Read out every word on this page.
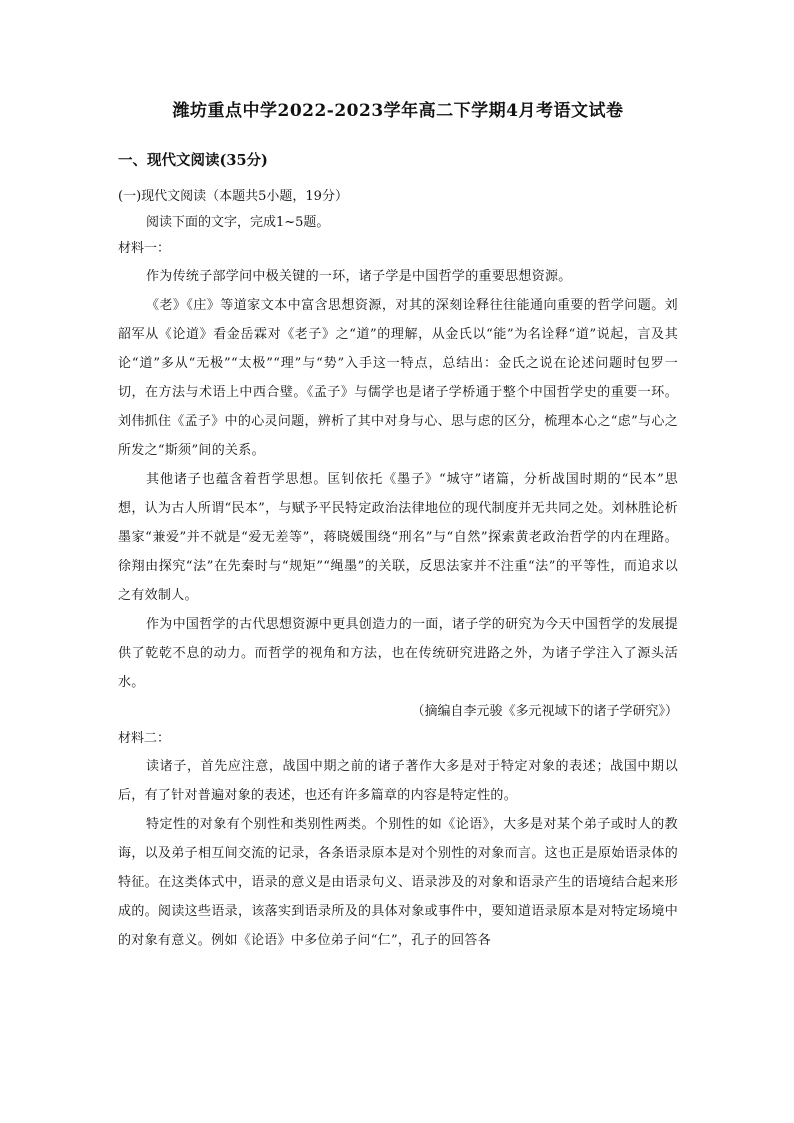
潍坊重点中学2022-2023学年高二下学期4月考语文试卷

一、现代文阅读(35分)

(一)现代文阅读（本题共5小题，19分）

阅读下面的文字，完成1~5题。

材料一：

作为传统子部学问中极关键的一环，诸子学是中国哲学的重要思想资源。

《老》《庄》等道家文本中富含思想资源，对其的深刻诠释往往能通向重要的哲学问题。刘韶军从《论道》看金岳霖对《老子》之“道”的理解，从金氏以“能”为名诠释“道”说起，言及其论“道”多从“无极”“太极”“理”与“势”入手这一特点，总结出：金氏之说在论述问题时包罗一切，在方法与术语上中西合璧。《孟子》与儒学也是诸子学桥通于整个中国哲学史的重要一环。刘伟抓住《孟子》中的心灵问题，辨析了其中对身与心、思与虑的区分，梳理本心之“虑”与心之所发之“斯须”间的关系。

其他诸子也蕴含着哲学思想。匡钊依托《墨子》“城守”诸篇，分析战国时期的“民本”思想，认为古人所谓“民本”，与赋予平民特定政治法律地位的现代制度并无共同之处。刘林胜论析墨家“兼爱”并不就是“爱无差等”，蒋晓媛围绕“刑名”与“自然”探索黄老政治哲学的内在理路。徐翔由探究“法”在先秦时与“规矩”“绳墨”的关联，反思法家并不注重“法”的平等性，而追求以之有效制人。

作为中国哲学的古代思想资源中更具创造力的一面，诸子学的研究为今天中国哲学的发展提供了乾乾不息的动力。而哲学的视角和方法，也在传统研究进路之外，为诸子学注入了源头活水。

（摘编自李元骏《多元视域下的诸子学研究》）

材料二：

读诸子，首先应注意，战国中期之前的诸子著作大多是对于特定对象的表述；战国中期以后，有了针对普遍对象的表述，也还有许多篇章的内容是特定性的。

特定性的对象有个别性和类别性两类。个别性的如《论语》，大多是对某个弟子或时人的教诲，以及弟子相互间交流的记录，各条语录原本是对个别性的对象而言。这也正是原始语录体的特征。在这类体式中，语录的意义是由语录句义、语录涉及的对象和语录产生的语境结合起来形成的。阅读这些语录，该落实到语录所及的具体对象或事件中，要知道语录原本是对特定场境中的对象有意义。例如《论语》中多位弟子问“仁”，孔子的回答各
